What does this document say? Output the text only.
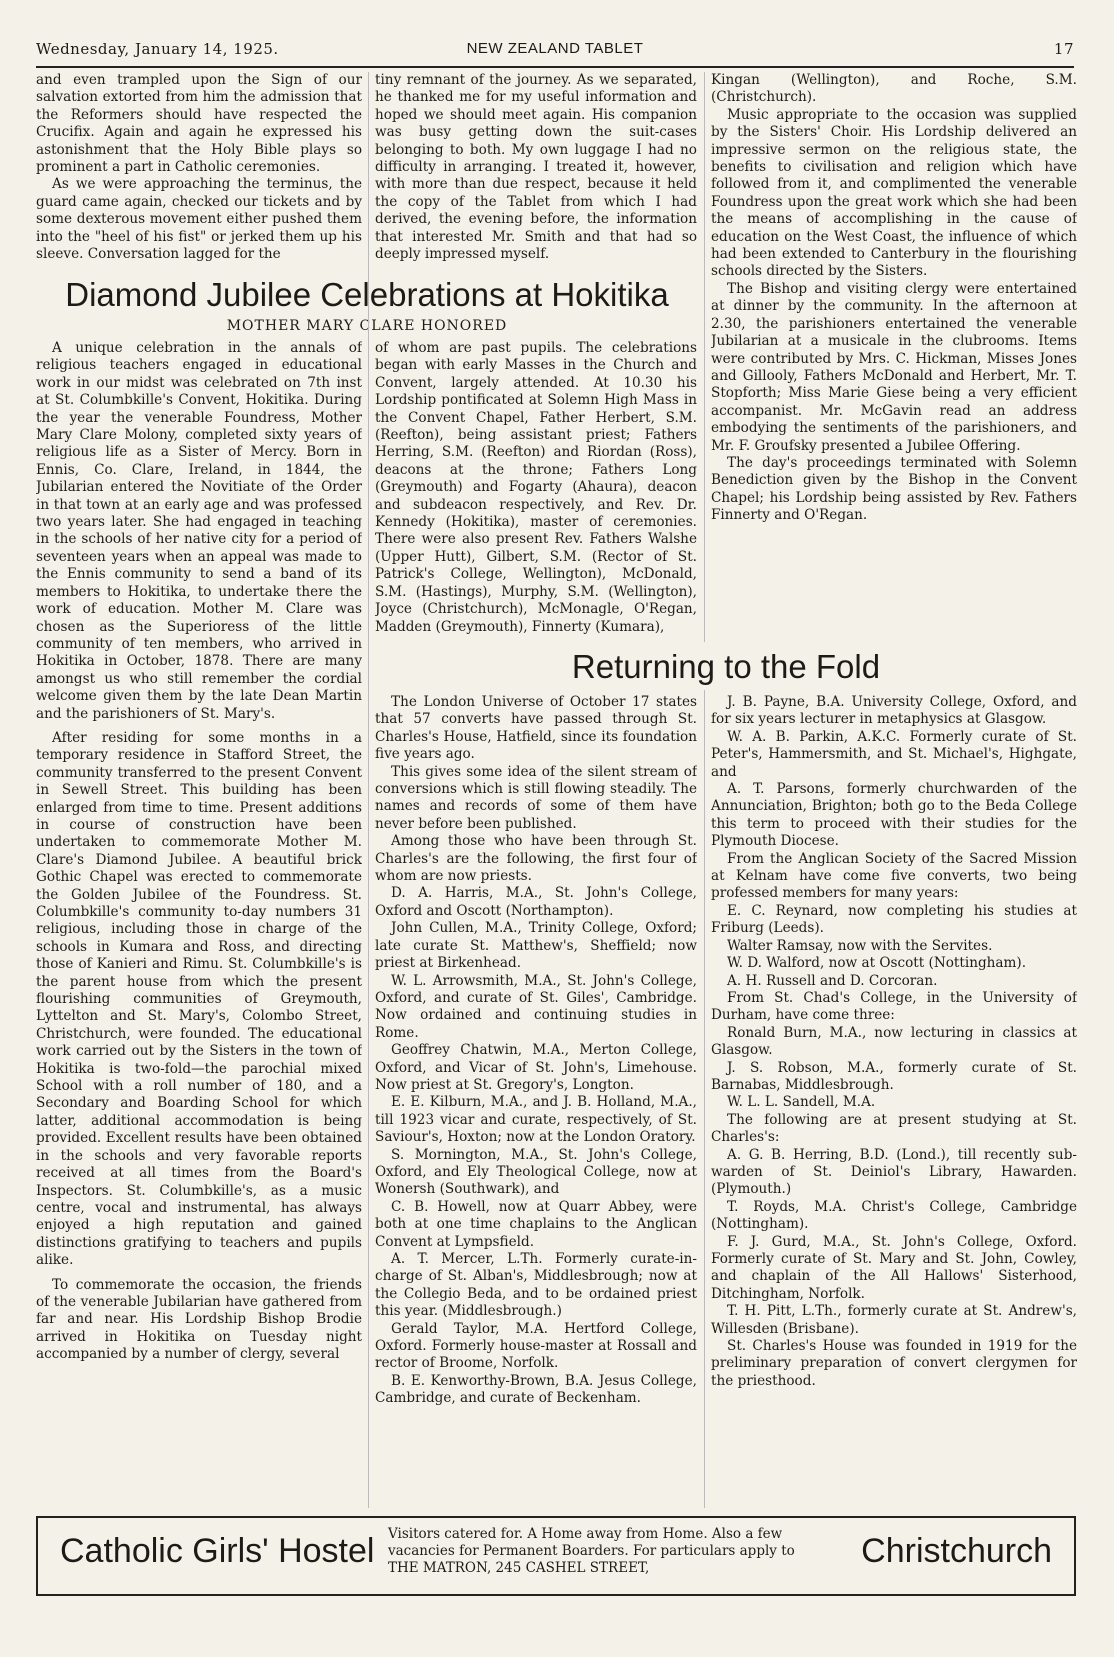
Wednesday, January 14, 1925.	NEW ZEALAND TABLET	17

and even trampled upon the Sign of our salvation extorted from him the admission that the Reformers should have respected the Crucifix. Again and again he expressed his astonishment that the Holy Bible plays so prominent a part in Catholic ceremonies.

As we were approaching the terminus, the guard came again, checked our tickets and by some dexterous movement either pushed them into the "heel of his fist" or jerked them up his sleeve. Conversation lagged for the

tiny remnant of the journey. As we separated, he thanked me for my useful information and hoped we should meet again. His companion was busy getting down the suit-cases belonging to both. My own luggage I had no difficulty in arranging. I treated it, however, with more than due respect, because it held the copy of the Tablet from which I had derived, the evening before, the information that interested Mr. Smith and that had so deeply impressed myself.

Diamond Jubilee Celebrations at Hokitika
MOTHER MARY CLARE HONORED

A unique celebration in the annals of religious teachers engaged in educational work in our midst was celebrated on 7th inst at St. Columbkille's Convent, Hokitika. During the year the venerable Foundress, Mother Mary Clare Molony, completed sixty years of religious life as a Sister of Mercy. Born in Ennis, Co. Clare, Ireland, in 1844, the Jubilarian entered the Novitiate of the Order in that town at an early age and was professed two years later. She had engaged in teaching in the schools of her native city for a period of seventeen years when an appeal was made to the Ennis community to send a band of its members to Hokitika, to undertake there the work of education. Mother M. Clare was chosen as the Superioress of the little community of ten members, who arrived in Hokitika in October, 1878. There are many amongst us who still remember the cordial welcome given them by the late Dean Martin and the parishioners of St. Mary's.

After residing for some months in a temporary residence in Stafford Street, the community transferred to the present Convent in Sewell Street. This building has been enlarged from time to time. Present additions in course of construction have been undertaken to commemorate Mother M. Clare's Diamond Jubilee. A beautiful brick Gothic Chapel was erected to commemorate the Golden Jubilee of the Foundress. St. Columbkille's community to-day numbers 31 religious, including those in charge of the schools in Kumara and Ross, and directing those of Kanieri and Rimu. St. Columbkille's is the parent house from which the present flourishing communities of Greymouth, Lyttelton and St. Mary's, Colombo Street, Christchurch, were founded. The educational work carried out by the Sisters in the town of Hokitika is two-fold—the parochial mixed School with a roll number of 180, and a Secondary and Boarding School for which latter, additional accommodation is being provided. Excellent results have been obtained in the schools and very favorable reports received at all times from the Board's Inspectors. St. Columbkille's, as a music centre, vocal and instrumental, has always enjoyed a high reputation and gained distinctions gratifying to teachers and pupils alike.

To commemorate the occasion, the friends of the venerable Jubilarian have gathered from far and near. His Lordship Bishop Brodie arrived in Hokitika on Tuesday night accompanied by a number of clergy, several

of whom are past pupils. The celebrations began with early Masses in the Church and Convent, largely attended. At 10.30 his Lordship pontificated at Solemn High Mass in the Convent Chapel, Father Herbert, S.M. (Reefton), being assistant priest; Fathers Herring, S.M. (Reefton) and Riordan (Ross), deacons at the throne; Fathers Long (Greymouth) and Fogarty (Ahaura), deacon and subdeacon respectively, and Rev. Dr. Kennedy (Hokitika), master of ceremonies. There were also present Rev. Fathers Walshe (Upper Hutt), Gilbert, S.M. (Rector of St. Patrick's College, Wellington), McDonald, S.M. (Hastings), Murphy, S.M. (Wellington), Joyce (Christchurch), McMonagle, O'Regan, Madden (Greymouth), Finnerty (Kumara),

Kingan (Wellington), and Roche, S.M. (Christchurch).

Music appropriate to the occasion was supplied by the Sisters' Choir. His Lordship delivered an impressive sermon on the religious state, the benefits to civilisation and religion which have followed from it, and complimented the venerable Foundress upon the great work which she had been the means of accomplishing in the cause of education on the West Coast, the influence of which had been extended to Canterbury in the flourishing schools directed by the Sisters.

The Bishop and visiting clergy were entertained at dinner by the community. In the afternoon at 2.30, the parishioners entertained the venerable Jubilarian at a musicale in the clubrooms. Items were contributed by Mrs. C. Hickman, Misses Jones and Gillooly, Fathers McDonald and Herbert, Mr. T. Stopforth; Miss Marie Giese being a very efficient accompanist. Mr. McGavin read an address embodying the sentiments of the parishioners, and Mr. F. Groufsky presented a Jubilee Offering.

The day's proceedings terminated with Solemn Benediction given by the Bishop in the Convent Chapel; his Lordship being assisted by Rev. Fathers Finnerty and O'Regan.

Returning to the Fold

The London Universe of October 17 states that 57 converts have passed through St. Charles's House, Hatfield, since its foundation five years ago.

This gives some idea of the silent stream of conversions which is still flowing steadily. The names and records of some of them have never before been published.

Among those who have been through St. Charles's are the following, the first four of whom are now priests.

D. A. Harris, M.A., St. John's College, Oxford and Oscott (Northampton).

John Cullen, M.A., Trinity College, Oxford; late curate St. Matthew's, Sheffield; now priest at Birkenhead.

W. L. Arrowsmith, M.A., St. John's College, Oxford, and curate of St. Giles', Cambridge. Now ordained and continuing studies in Rome.

Geoffrey Chatwin, M.A., Merton College, Oxford, and Vicar of St. John's, Limehouse. Now priest at St. Gregory's, Longton.

E. E. Kilburn, M.A., and J. B. Holland, M.A., till 1923 vicar and curate, respectively, of St. Saviour's, Hoxton; now at the London Oratory.

S. Mornington, M.A., St. John's College, Oxford, and Ely Theological College, now at Wonersh (Southwark), and

C. B. Howell, now at Quarr Abbey, were both at one time chaplains to the Anglican Convent at Lympsfield.

A. T. Mercer, L.Th. Formerly curate-in-charge of St. Alban's, Middlesbrough; now at the Collegio Beda, and to be ordained priest this year. (Middlesbrough.)

Gerald Taylor, M.A. Hertford College, Oxford. Formerly house-master at Rossall and rector of Broome, Norfolk.

B. E. Kenworthy-Brown, B.A. Jesus College, Cambridge, and curate of Beckenham.

J. B. Payne, B.A. University College, Oxford, and for six years lecturer in metaphysics at Glasgow.

W. A. B. Parkin, A.K.C. Formerly curate of St. Peter's, Hammersmith, and St. Michael's, Highgate, and

A. T. Parsons, formerly churchwarden of the Annunciation, Brighton; both go to the Beda College this term to proceed with their studies for the Plymouth Diocese.

From the Anglican Society of the Sacred Mission at Kelnam have come five converts, two being professed members for many years:

E. C. Reynard, now completing his studies at Friburg (Leeds).

Walter Ramsay, now with the Servites.

W. D. Walford, now at Oscott (Nottingham).

A. H. Russell and D. Corcoran.

From St. Chad's College, in the University of Durham, have come three:

Ronald Burn, M.A., now lecturing in classics at Glasgow.

J. S. Robson, M.A., formerly curate of St. Barnabas, Middlesbrough.

W. L. L. Sandell, M.A.

The following are at present studying at St. Charles's:

A. G. B. Herring, B.D. (Lond.), till recently sub-warden of St. Deiniol's Library, Hawarden. (Plymouth.)

T. Royds, M.A. Christ's College, Cambridge (Nottingham).

F. J. Gurd, M.A., St. John's College, Oxford. Formerly curate of St. Mary and St. John, Cowley, and chaplain of the All Hallows' Sisterhood, Ditchingham, Norfolk.

T. H. Pitt, L.Th., formerly curate at St. Andrew's, Willesden (Brisbane).

St. Charles's House was founded in 1919 for the preliminary preparation of convert clergymen for the priesthood.

Catholic Girls' Hostel Visitors catered for. A Home away from Home. Also a few vacancies for Permanent Boarders. For particulars apply to THE MATRON, 245 CASHEL STREET,	Christchurch
